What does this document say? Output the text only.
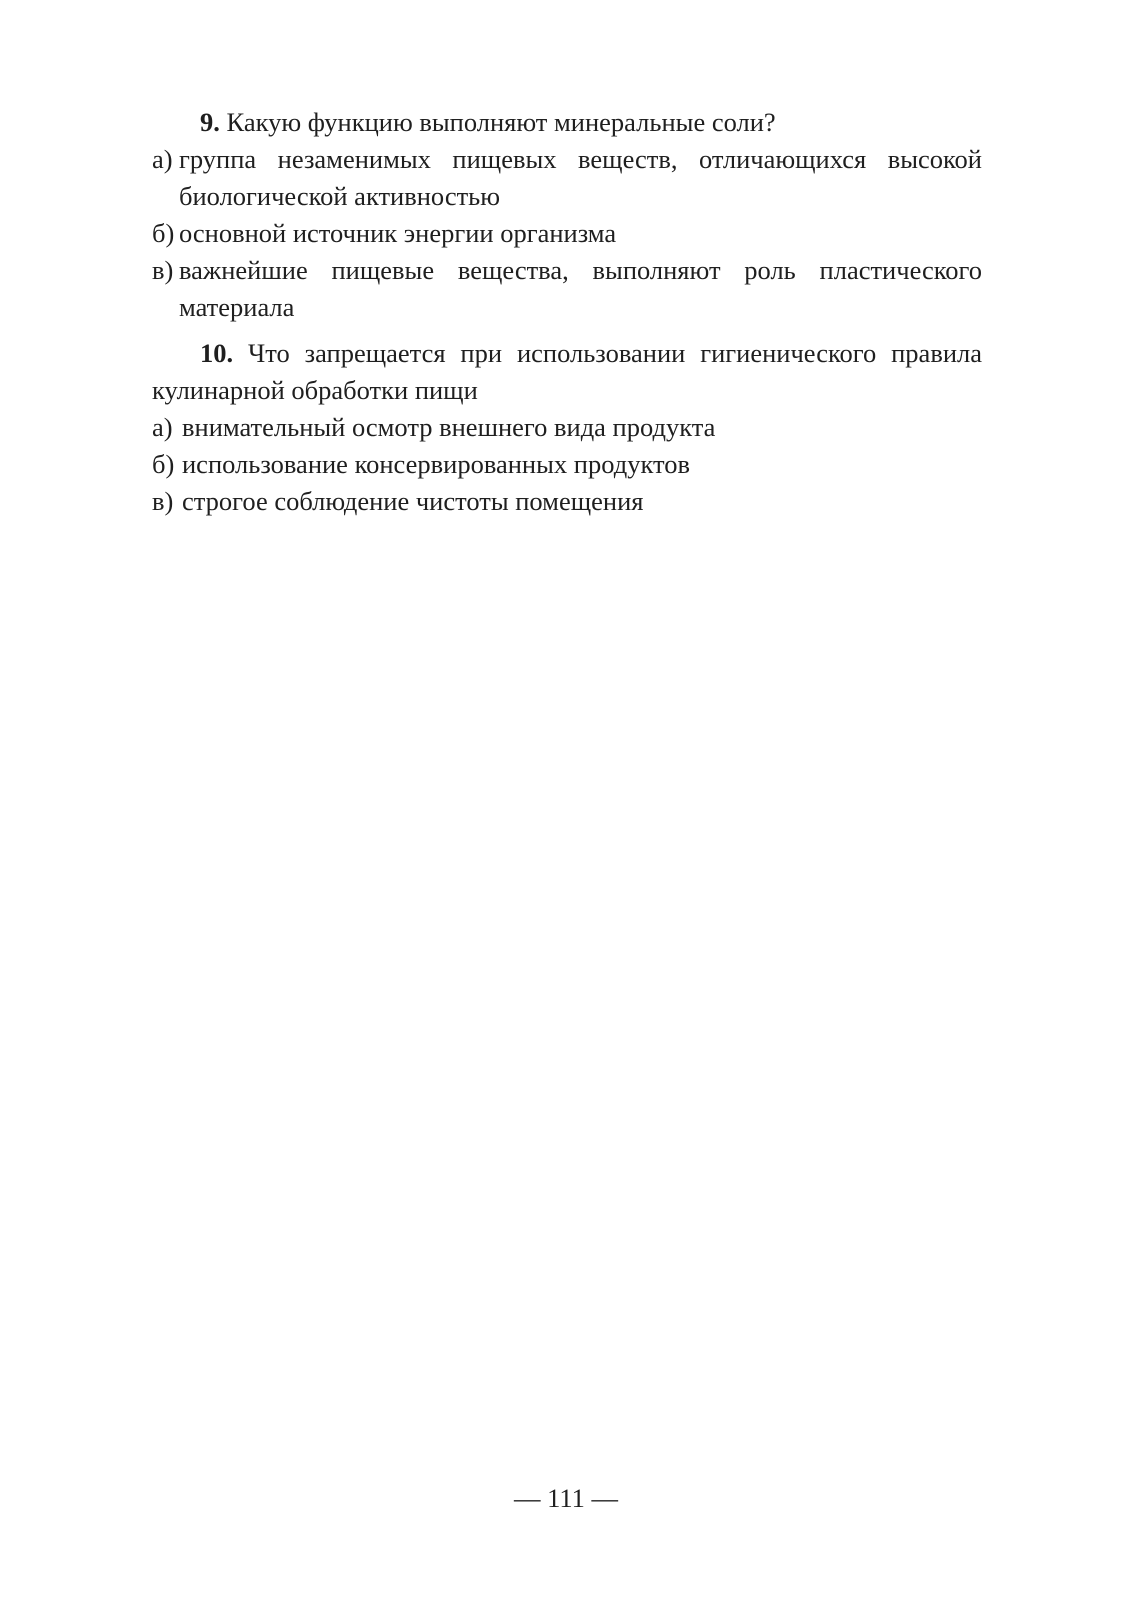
9. Какую функцию выполняют минеральные соли?

а) группа незаменимых пищевых веществ, отличающихся высокой биологической активностью
б) основной источник энергии организма
в) важнейшие пищевые вещества, выполняют роль пластического материала

10. Что запрещается при использовании гигиенического правила кулинарной обработки пищи

а) внимательный осмотр внешнего вида продукта
б) использование консервированных продуктов
в) строгое соблюдение чистоты помещения
— 111 —
